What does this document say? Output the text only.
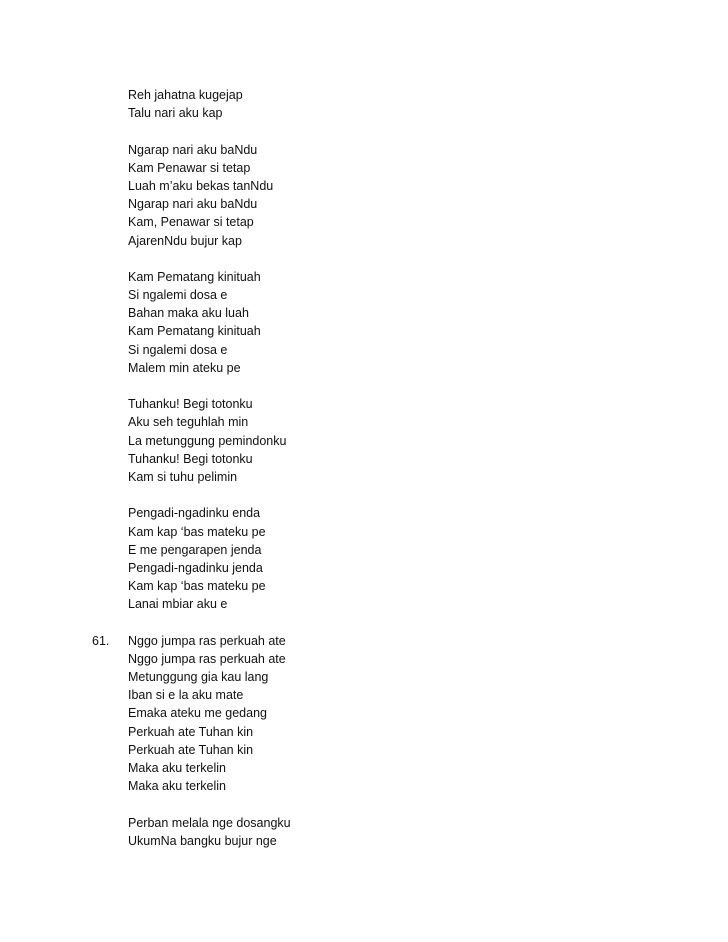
Reh jahatna kugejap
Talu nari aku kap
Ngarap nari aku baNdu
Kam Penawar si tetap
Luah m’aku bekas tanNdu
Ngarap nari aku baNdu
Kam, Penawar si tetap
AjarenNdu bujur kap
Kam Pematang kinituah
Si ngalemi dosa e
Bahan maka aku luah
Kam Pematang kinituah
Si ngalemi dosa e
Malem min ateku pe
Tuhanku! Begi totonku
Aku seh teguhlah min
La metunggung pemindonku
Tuhanku! Begi totonku
Kam si tuhu pelimin
Pengadi-ngadinku enda
Kam kap ‘bas mateku pe
E me pengarapen jenda
Pengadi-ngadinku jenda
Kam kap ‘bas mateku pe
Lanai mbiar aku e
61. Nggo jumpa ras perkuah ate
Nggo jumpa ras perkuah ate
Metunggung gia kau lang
Iban si e la aku mate
Emaka ateku me gedang
Perkuah ate Tuhan kin
Perkuah ate Tuhan kin
Maka aku terkelin
Maka aku terkelin
Perban melala nge dosangku
UkumNa bangku bujur nge
